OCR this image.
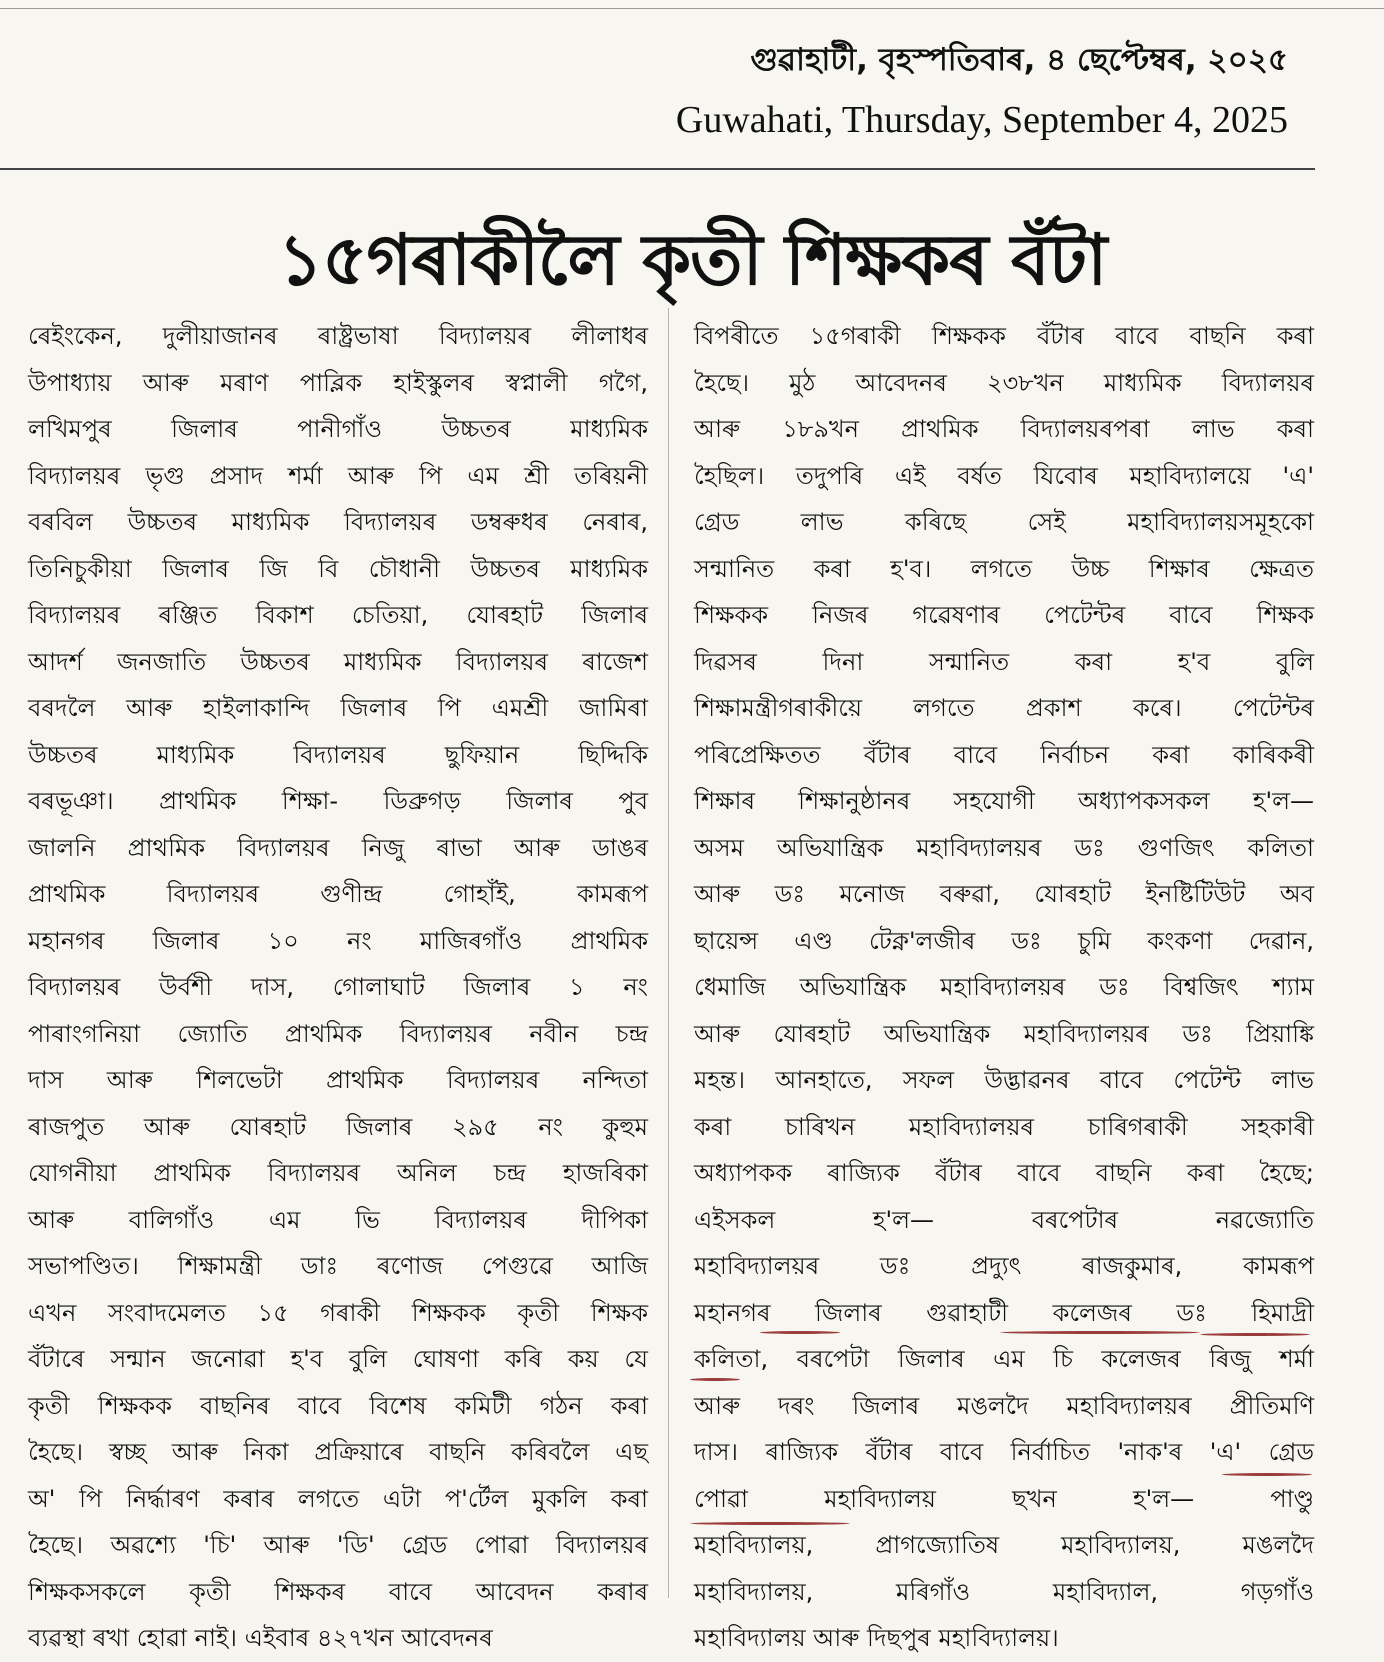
গুৱাহাটী, বৃহস্পতিবাৰ, ৪ ছেপ্টেম্বৰ, ২০২৫
Guwahati, Thursday, September 4, 2025
১৫গৰাকীলৈ কৃতী শিক্ষকৰ বঁটা
ৰেইংকেন, দুলীয়াজানৰ ৰাষ্ট্ৰভাষা বিদ্যালয়ৰ লীলাধৰ
উপাধ্যায় আৰু মৰাণ পাব্লিক হাইস্কুলৰ স্বপ্নালী গগৈ,
লখিমপুৰ জিলাৰ পানীগাঁও উচ্চতৰ মাধ্যমিক
বিদ্যালয়ৰ ভৃগু প্ৰসাদ শৰ্মা আৰু পি এম শ্ৰী তৰিয়নী
বৰবিল উচ্চতৰ মাধ্যমিক বিদ্যালয়ৰ ডম্বৰুধৰ নেৰাৰ,
তিনিচুকীয়া জিলাৰ জি বি চৌধানী উচ্চতৰ মাধ্যমিক
বিদ্যালয়ৰ ৰঞ্জিত বিকাশ চেতিয়া, যোৰহাট জিলাৰ
আদৰ্শ জনজাতি উচ্চতৰ মাধ্যমিক বিদ্যালয়ৰ ৰাজেশ
বৰদলৈ আৰু হাইলাকান্দি জিলাৰ পি এমশ্ৰী জামিৰা
উচ্চতৰ মাধ্যমিক বিদ্যালয়ৰ ছুফিয়ান ছিদ্দিকি
বৰভূঞা। প্ৰাথমিক শিক্ষা- ডিব্ৰুগড় জিলাৰ পুব
জালনি প্ৰাথমিক বিদ্যালয়ৰ নিজু ৰাভা আৰু ডাঙৰ
প্ৰাথমিক বিদ্যালয়ৰ গুণীন্দ্ৰ গোহাঁই, কামৰূপ
মহানগৰ জিলাৰ ১০ নং মাজিৰগাঁও প্ৰাথমিক
বিদ্যালয়ৰ উৰ্বশী দাস, গোলাঘাট জিলাৰ ১ নং
পাৰাংগনিয়া জ্যোতি প্ৰাথমিক বিদ্যালয়ৰ নবীন চন্দ্ৰ
দাস আৰু শিলভেটা প্ৰাথমিক বিদ্যালয়ৰ নন্দিতা
ৰাজপুত আৰু যোৰহাট জিলাৰ ২৯৫ নং কুহুম
যোগনীয়া প্ৰাথমিক বিদ্যালয়ৰ অনিল চন্দ্ৰ হাজৰিকা
আৰু বালিগাঁও এম ভি বিদ্যালয়ৰ দীপিকা
সভাপণ্ডিত। শিক্ষামন্ত্ৰী ডাঃ ৰণোজ পেগুৱে আজি
এখন সংবাদমেলত ১৫ গৰাকী শিক্ষকক কৃতী শিক্ষক
বঁটাৰে সন্মান জনোৱা হ'ব বুলি ঘোষণা কৰি কয় যে
কৃতী শিক্ষকক বাছনিৰ বাবে বিশেষ কমিটী গঠন কৰা
হৈছে। স্বচ্ছ আৰু নিকা প্ৰক্ৰিয়াৰে বাছনি কৰিবলৈ এছ
অ' পি নিৰ্দ্ধাৰণ কৰাৰ লগতে এটা প'ৰ্টেল মুকলি কৰা
হৈছে। অৱশ্যে 'চি' আৰু 'ডি' গ্ৰেড পোৱা বিদ্যালয়ৰ
শিক্ষকসকলে কৃতী শিক্ষকৰ বাবে আবেদন কৰাৰ
ব্যৱস্থা ৰখা হোৱা নাই। এইবাৰ ৪২৭খন আবেদনৰ
বিপৰীতে ১৫গৰাকী শিক্ষকক বঁটাৰ বাবে বাছনি কৰা
হৈছে। মুঠ আবেদনৰ ২৩৮খন মাধ্যমিক বিদ্যালয়ৰ
আৰু ১৮৯খন প্ৰাথমিক বিদ্যালয়ৰপৰা লাভ কৰা
হৈছিল। তদুপৰি এই বৰ্ষত যিবোৰ মহাবিদ্যালয়ে 'এ'
গ্ৰেড লাভ কৰিছে সেই মহাবিদ্যালয়সমূহকো
সন্মানিত কৰা হ'ব। লগতে উচ্চ শিক্ষাৰ ক্ষেত্ৰত
শিক্ষকক নিজৰ গৱেষণাৰ পেটেন্টৰ বাবে শিক্ষক
দিৱসৰ দিনা সন্মানিত কৰা হ'ব বুলি
শিক্ষামন্ত্ৰীগৰাকীয়ে লগতে প্ৰকাশ কৰে। পেটেন্টৰ
পৰিপ্ৰেক্ষিতত বঁটাৰ বাবে নিৰ্বাচন কৰা কাৰিকৰী
শিক্ষাৰ শিক্ষানুষ্ঠানৰ সহযোগী অধ্যাপকসকল হ'ল—
অসম অভিযান্ত্ৰিক মহাবিদ্যালয়ৰ ডঃ গুণজিৎ কলিতা
আৰু ডঃ মনোজ বৰুৱা, যোৰহাট ইনষ্টিটিউট অব
ছায়েন্স এণ্ড টেক্ন'লজীৰ ডঃ চুমি কংকণা দেৱান,
ধেমাজি অভিযান্ত্ৰিক মহাবিদ্যালয়ৰ ডঃ বিশ্বজিৎ শ্যাম
আৰু যোৰহাট অভিযান্ত্ৰিক মহাবিদ্যালয়ৰ ডঃ প্ৰিয়াঙ্কি
মহন্ত। আনহাতে, সফল উদ্ভাৱনৰ বাবে পেটেন্ট লাভ
কৰা চাৰিখন মহাবিদ্যালয়ৰ চাৰিগৰাকী সহকাৰী
অধ্যাপকক ৰাজ্যিক বঁটাৰ বাবে বাছনি কৰা হৈছে;
এইসকল হ'ল— বৰপেটাৰ নৱজ্যোতি
মহাবিদ্যালয়ৰ ডঃ প্ৰদ্যুৎ ৰাজকুমাৰ, কামৰূপ
মহানগৰ জিলাৰ গুৱাহাটী কলেজৰ ডঃ হিমাদ্ৰী
কলিতা, বৰপেটা জিলাৰ এম চি কলেজৰ ৰিজু শৰ্মা
আৰু দৰং জিলাৰ মঙলদৈ মহাবিদ্যালয়ৰ প্ৰীতিমণি
দাস। ৰাজ্যিক বঁটাৰ বাবে নিৰ্বাচিত 'নাক'ৰ 'এ' গ্ৰেড
পোৱা মহাবিদ্যালয় ছখন হ'ল— পাণ্ডু
মহাবিদ্যালয়, প্ৰাগজ্যোতিষ মহাবিদ্যালয়, মঙলদৈ
মহাবিদ্যালয়, মৰিগাঁও মহাবিদ্যাল, গড়গাঁও
মহাবিদ্যালয় আৰু দিছপুৰ মহাবিদ্যালয়।
